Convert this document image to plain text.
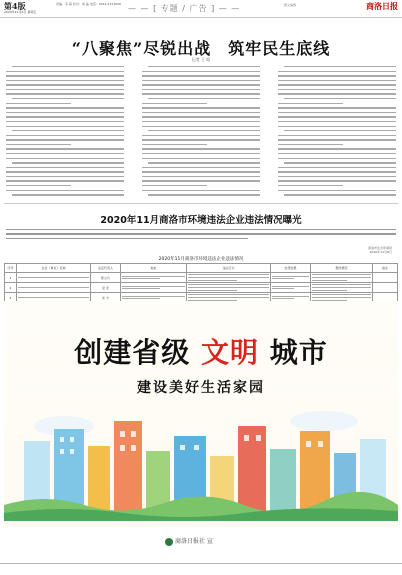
第4版
2020年11月6日 星期五
责编：李 超 校对：刘 晶 电话：0914-2311806 — — [ 专题 / 广告 ] — —	图文编辑	商洛日报
“八聚焦”尽锐出战　筑牢民生底线
记者 王 晗
2020年11月商洛市环境违法企业违法情况曝光
商洛市生态环境局
2020年11月6日
2020年11月商洛市环境违法企业违法情况
序号	企业（单位）名称	法定代表人	地址	违法行为	处罚结果	整改情况	备注
1		陈立兵	

2		吴 宏	

3		朱 方	

创建省级 文明 城市
建设美好生活家园
商洛日报社 宣
